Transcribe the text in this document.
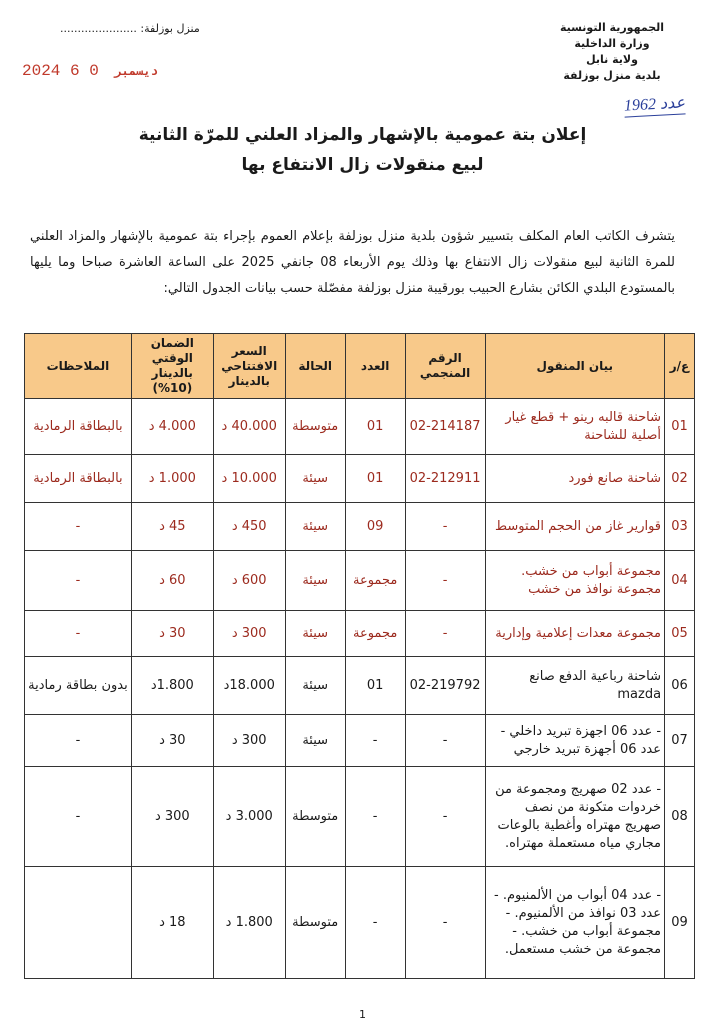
الجمهورية التونسية
وزارة الداخلية
ولاية نابل
بلدية منزل بوزلفة
منزل بوزلفة: ......................
2024	ديسمبر 0 6
عدد 1962
إعلان بتة عمومية بالإشهار والمزاد العلني للمرّة الثانية
لبيع منقولات زال الانتفاع بها
يتشرف الكاتب العام المكلف بتسيير شؤون بلدية منزل بوزلفة بإعلام العموم بإجراء بتة عمومية بالإشهار والمزاد العلني للمرة الثانية لبيع منقولات زال الانتفاع بها وذلك يوم الأربعاء 08 جانفي 2025 على الساعة العاشرة صباحا وما يليها بالمستودع البلدي الكائن بشارع الحبيب بورقيبة منزل بوزلفة مفصّلة حسب بيانات الجدول التالي:
ع/ر	بيان المنقول	الرقم المنجمي	العدد	الحالة	السعر الافتتاحي بالدينار	الضمان الوقتي بالدينار (10%)	الملاحظات
01	شاحنة قالبه رينو + قطع غيار أصلية للشاحنة	02-214187	01	متوسطة	40.000 د	4.000 د	بالبطاقة الرمادية
02	شاحنة صانع فورد	02-212911	01	سيئة	10.000 د	1.000 د	بالبطاقة الرمادية
03	قوارير غاز من الحجم المتوسط	-	09	سيئة	450 د	45 د	-
04	مجموعة أبواب من خشب. مجموعة نوافذ من خشب	-	مجموعة	سيئة	600 د	60 د	-
05	مجموعة معدات إعلامية وإدارية	-	مجموعة	سيئة	300 د	30 د	-
06	شاحنة رباعية الدفع صانع mazda	02-219792	01	سيئة	18.000د	1.800د	بدون بطاقة رمادية
07	- عدد 06 اجهزة تبريد داخلي - عدد 06 أجهزة تبريد خارجي	-	-	سيئة	300 د	30 د	-
08	- عدد 02 صهريج ومجموعة من خردوات متكونة من نصف صهريج مهتراه وأغطية بالوعات مجاري مياه مستعملة مهتراه.	-	-	متوسطة	3.000 د	300 د	-
09	- عدد 04 أبواب من الألمنيوم. - عدد 03 نوافذ من الألمنيوم. - مجموعة أبواب من خشب. - مجموعة من خشب مستعمل.	-	-	متوسطة	1.800 د	18 د	
1
